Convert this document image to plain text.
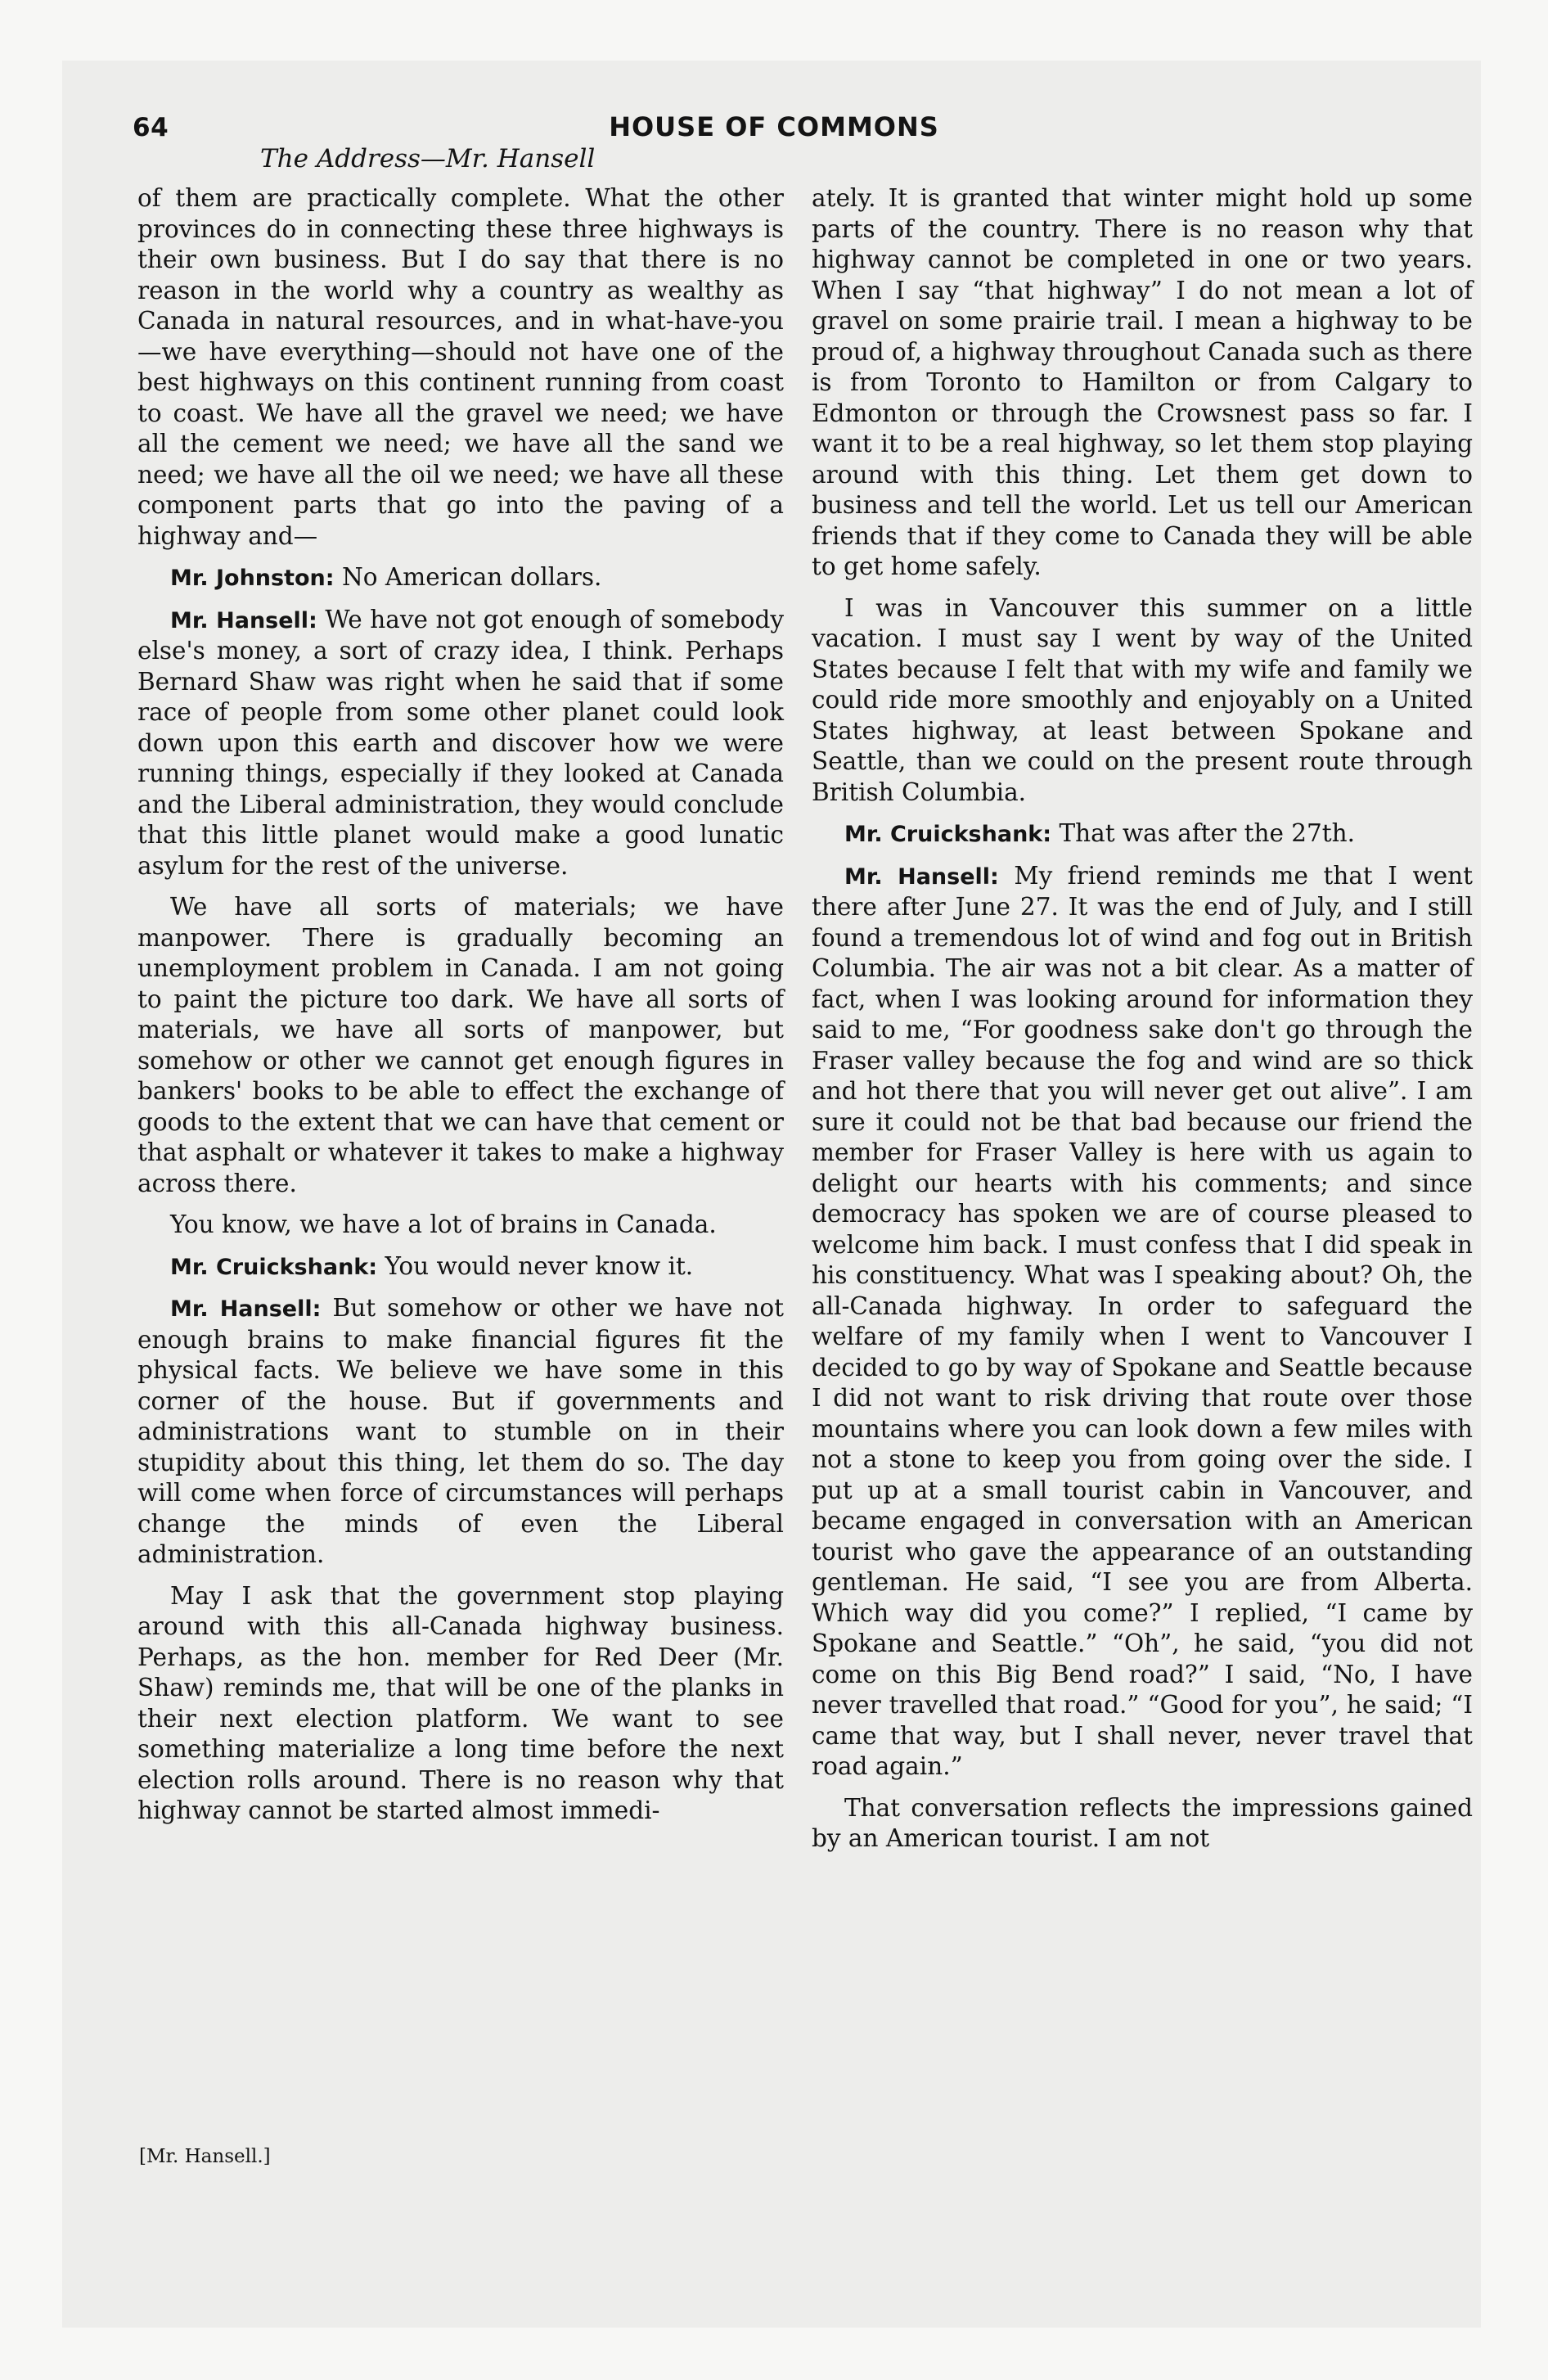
64	HOUSE OF COMMONS
The Address—Mr. Hansell

of them are practically complete. What the other provinces do in connecting these three highways is their own business. But I do say that there is no reason in the world why a country as wealthy as Canada in natural resources, and in what-have-you—we have everything—should not have one of the best highways on this continent running from coast to coast. We have all the gravel we need; we have all the cement we need; we have all the sand we need; we have all the oil we need; we have all these component parts that go into the paving of a highway and—

Mr. Johnston: No American dollars.

Mr. Hansell: We have not got enough of somebody else's money, a sort of crazy idea, I think. Perhaps Bernard Shaw was right when he said that if some race of people from some other planet could look down upon this earth and discover how we were running things, especially if they looked at Canada and the Liberal administration, they would conclude that this little planet would make a good lunatic asylum for the rest of the universe.

We have all sorts of materials; we have manpower. There is gradually becoming an unemployment problem in Canada. I am not going to paint the picture too dark. We have all sorts of materials, we have all sorts of manpower, but somehow or other we cannot get enough figures in bankers' books to be able to effect the exchange of goods to the extent that we can have that cement or that asphalt or whatever it takes to make a highway across there.

You know, we have a lot of brains in Canada.

Mr. Cruickshank: You would never know it.

Mr. Hansell: But somehow or other we have not enough brains to make financial figures fit the physical facts. We believe we have some in this corner of the house. But if governments and administrations want to stumble on in their stupidity about this thing, let them do so. The day will come when force of circumstances will perhaps change the minds of even the Liberal administration.

May I ask that the government stop playing around with this all-Canada highway business. Perhaps, as the hon. member for Red Deer (Mr. Shaw) reminds me, that will be one of the planks in their next election platform. We want to see something materialize a long time before the next election rolls around. There is no reason why that highway cannot be started almost immedi-

ately. It is granted that winter might hold up some parts of the country. There is no reason why that highway cannot be completed in one or two years. When I say “that highway” I do not mean a lot of gravel on some prairie trail. I mean a highway to be proud of, a highway throughout Canada such as there is from Toronto to Hamilton or from Calgary to Edmonton or through the Crowsnest pass so far. I want it to be a real highway, so let them stop playing around with this thing. Let them get down to business and tell the world. Let us tell our American friends that if they come to Canada they will be able to get home safely.

I was in Vancouver this summer on a little vacation. I must say I went by way of the United States because I felt that with my wife and family we could ride more smoothly and enjoyably on a United States highway, at least between Spokane and Seattle, than we could on the present route through British Columbia.

Mr. Cruickshank: That was after the 27th.

Mr. Hansell: My friend reminds me that I went there after June 27. It was the end of July, and I still found a tremendous lot of wind and fog out in British Columbia. The air was not a bit clear. As a matter of fact, when I was looking around for information they said to me, “For goodness sake don't go through the Fraser valley because the fog and wind are so thick and hot there that you will never get out alive”. I am sure it could not be that bad because our friend the member for Fraser Valley is here with us again to delight our hearts with his comments; and since democracy has spoken we are of course pleased to welcome him back. I must confess that I did speak in his constituency. What was I speaking about? Oh, the all-Canada highway. In order to safeguard the welfare of my family when I went to Vancouver I decided to go by way of Spokane and Seattle because I did not want to risk driving that route over those mountains where you can look down a few miles with not a stone to keep you from going over the side. I put up at a small tourist cabin in Vancouver, and became engaged in conversation with an American tourist who gave the appearance of an outstanding gentleman. He said, “I see you are from Alberta. Which way did you come?” I replied, “I came by Spokane and Seattle.” “Oh”, he said, “you did not come on this Big Bend road?” I said, “No, I have never travelled that road.” “Good for you”, he said; “I came that way, but I shall never, never travel that road again.”

That conversation reflects the impressions gained by an American tourist. I am not

[Mr. Hansell.]
